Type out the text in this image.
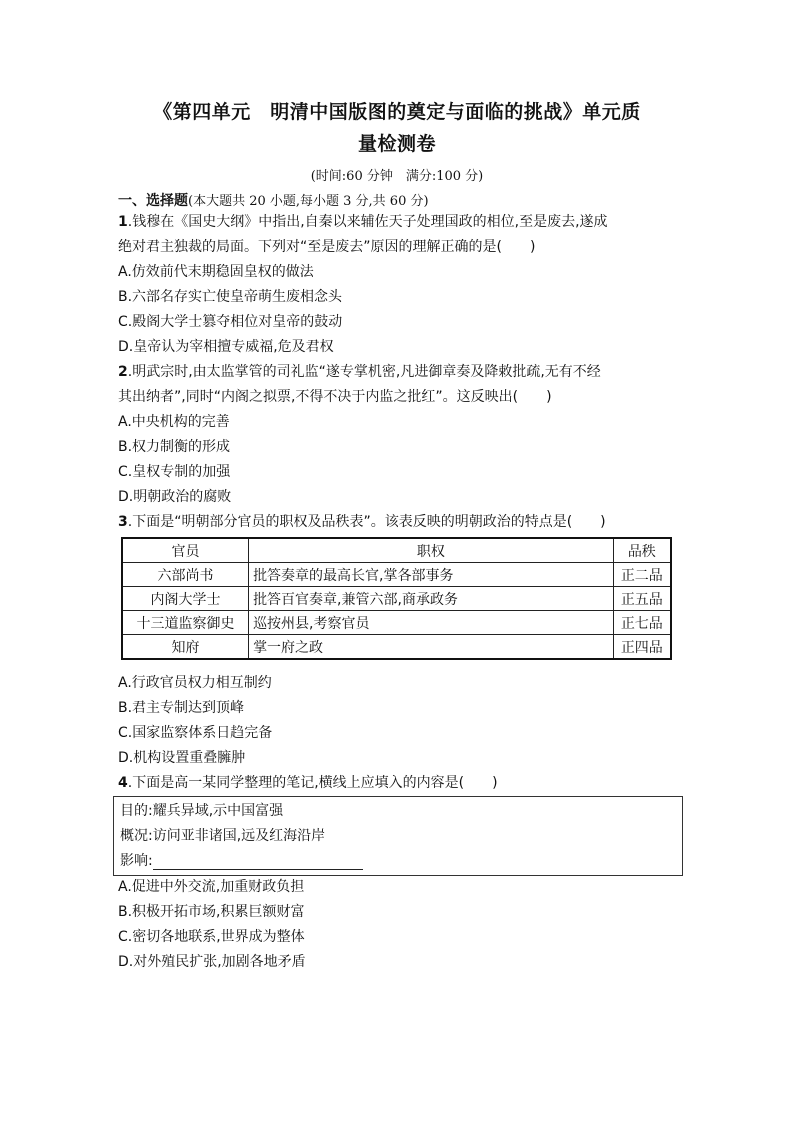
《第四单元　明清中国版图的奠定与面临的挑战》单元质
量检测卷
(时间:60 分钟　满分:100 分)
一、选择题(本大题共 20 小题,每小题 3 分,共 60 分)
1.钱穆在《国史大纲》中指出,自秦以来辅佐天子处理国政的相位,至是废去,遂成
绝对君主独裁的局面。下列对“至是废去”原因的理解正确的是(　　)
A.仿效前代末期稳固皇权的做法
B.六部名存实亡使皇帝萌生废相念头
C.殿阁大学士篡夺相位对皇帝的鼓动
D.皇帝认为宰相擅专威福,危及君权
2.明武宗时,由太监掌管的司礼监“遂专掌机密,凡进御章奏及降敕批疏,无有不经
其出纳者”,同时“内阁之拟票,不得不决于内监之批红”。这反映出(　　)
A.中央机构的完善
B.权力制衡的形成
C.皇权专制的加强
D.明朝政治的腐败
3.下面是“明朝部分官员的职权及品秩表”。该表反映的明朝政治的特点是(　　)
官员	职权	品秩
六部尚书	批答奏章的最高长官,掌各部事务	正二品
内阁大学士	批答百官奏章,兼管六部,商承政务	正五品
十三道监察御史	巡按州县,考察官员	正七品
知府	掌一府之政	正四品
A.行政官员权力相互制约
B.君主专制达到顶峰
C.国家监察体系日趋完备
D.机构设置重叠臃肿
4.下面是高一某同学整理的笔记,横线上应填入的内容是(　　)
目的:耀兵异域,示中国富强
概况:访问亚非诸国,远及红海沿岸
影响:
A.促进中外交流,加重财政负担
B.积极开拓市场,积累巨额财富
C.密切各地联系,世界成为整体
D.对外殖民扩张,加剧各地矛盾
